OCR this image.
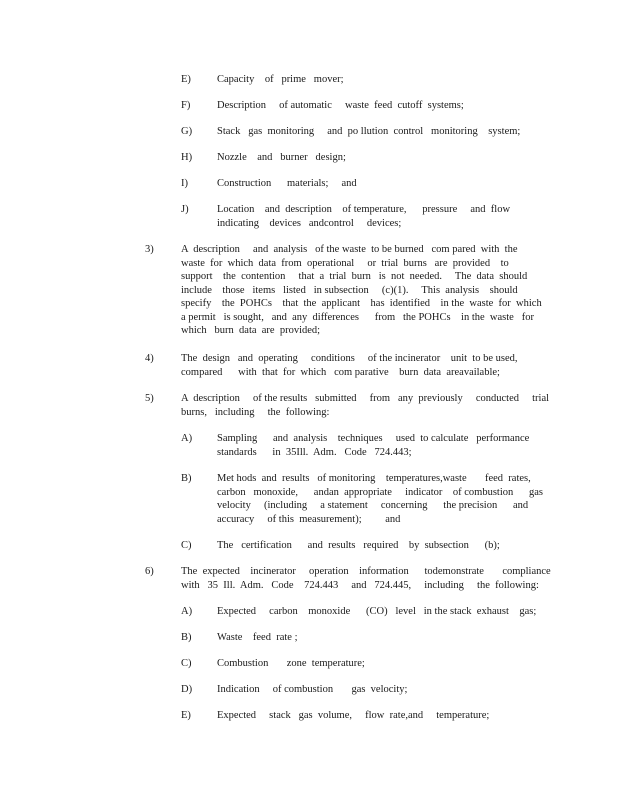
E) Capacity    of   prime   mover;
F)	Description     of automatic     waste  feed  cutoff  systems;
G) Stack   gas  monitoring     and  po llution  control   monitoring    system;
H) Nozzle    and   burner   design;
I)	Construction      materials;     and
J)	Location    and  description    of temperature,      pressure     and  flow
indicating    devices   andcontrol     devices;
3)	A  description     and  analysis   of the waste  to be burned   com pared  with  the
waste  for  which  data  from  operational     or  trial  burns   are  provided    to
support    the  contention     that  a  trial  burn   is  not  needed.     The  data  should
include    those   items   listed   in subsection     (c)(1).     This  analysis    should
specify    the  POHCs    that  the  applicant    has  identified    in the  waste  for  which
a permit   is sought,   and  any  differences      from   the POHCs    in the  waste   for
which   burn  data  are  provided;
4)	The  design   and  operating     conditions     of the incinerator    unit  to be used,
compared      with  that  for  which   com parative    burn  data  areavailable;
5)	A  description     of the results   submitted     from   any  previously     conducted     trial
burns,   including     the  following:
A) Sampling      and  analysis    techniques     used  to calculate   performance
standards      in  35Ill.  Adm.   Code   724.443;
B) Met hods  and  results   of monitoring    temperatures,waste       feed  rates,
carbon   monoxide,      andan  appropriate     indicator    of combustion      gas
velocity     (including     a statement     concerning      the precision      and
accuracy     of this  measurement);         and
C) The   certification      and  results   required    by  subsection      (b);
6)	The  expected    incinerator     operation    information      todemonstrate       compliance
with   35  Ill.  Adm.   Code    724.443     and   724.445,     including     the  following:
A) Expected     carbon    monoxide      (CO)   level   in the stack  exhaust    gas;
B) Waste    feed  rate ;
C) Combustion       zone  temperature;
D) Indication     of combustion       gas  velocity;
E) Expected     stack   gas  volume,     flow  rate,and     temperature;
